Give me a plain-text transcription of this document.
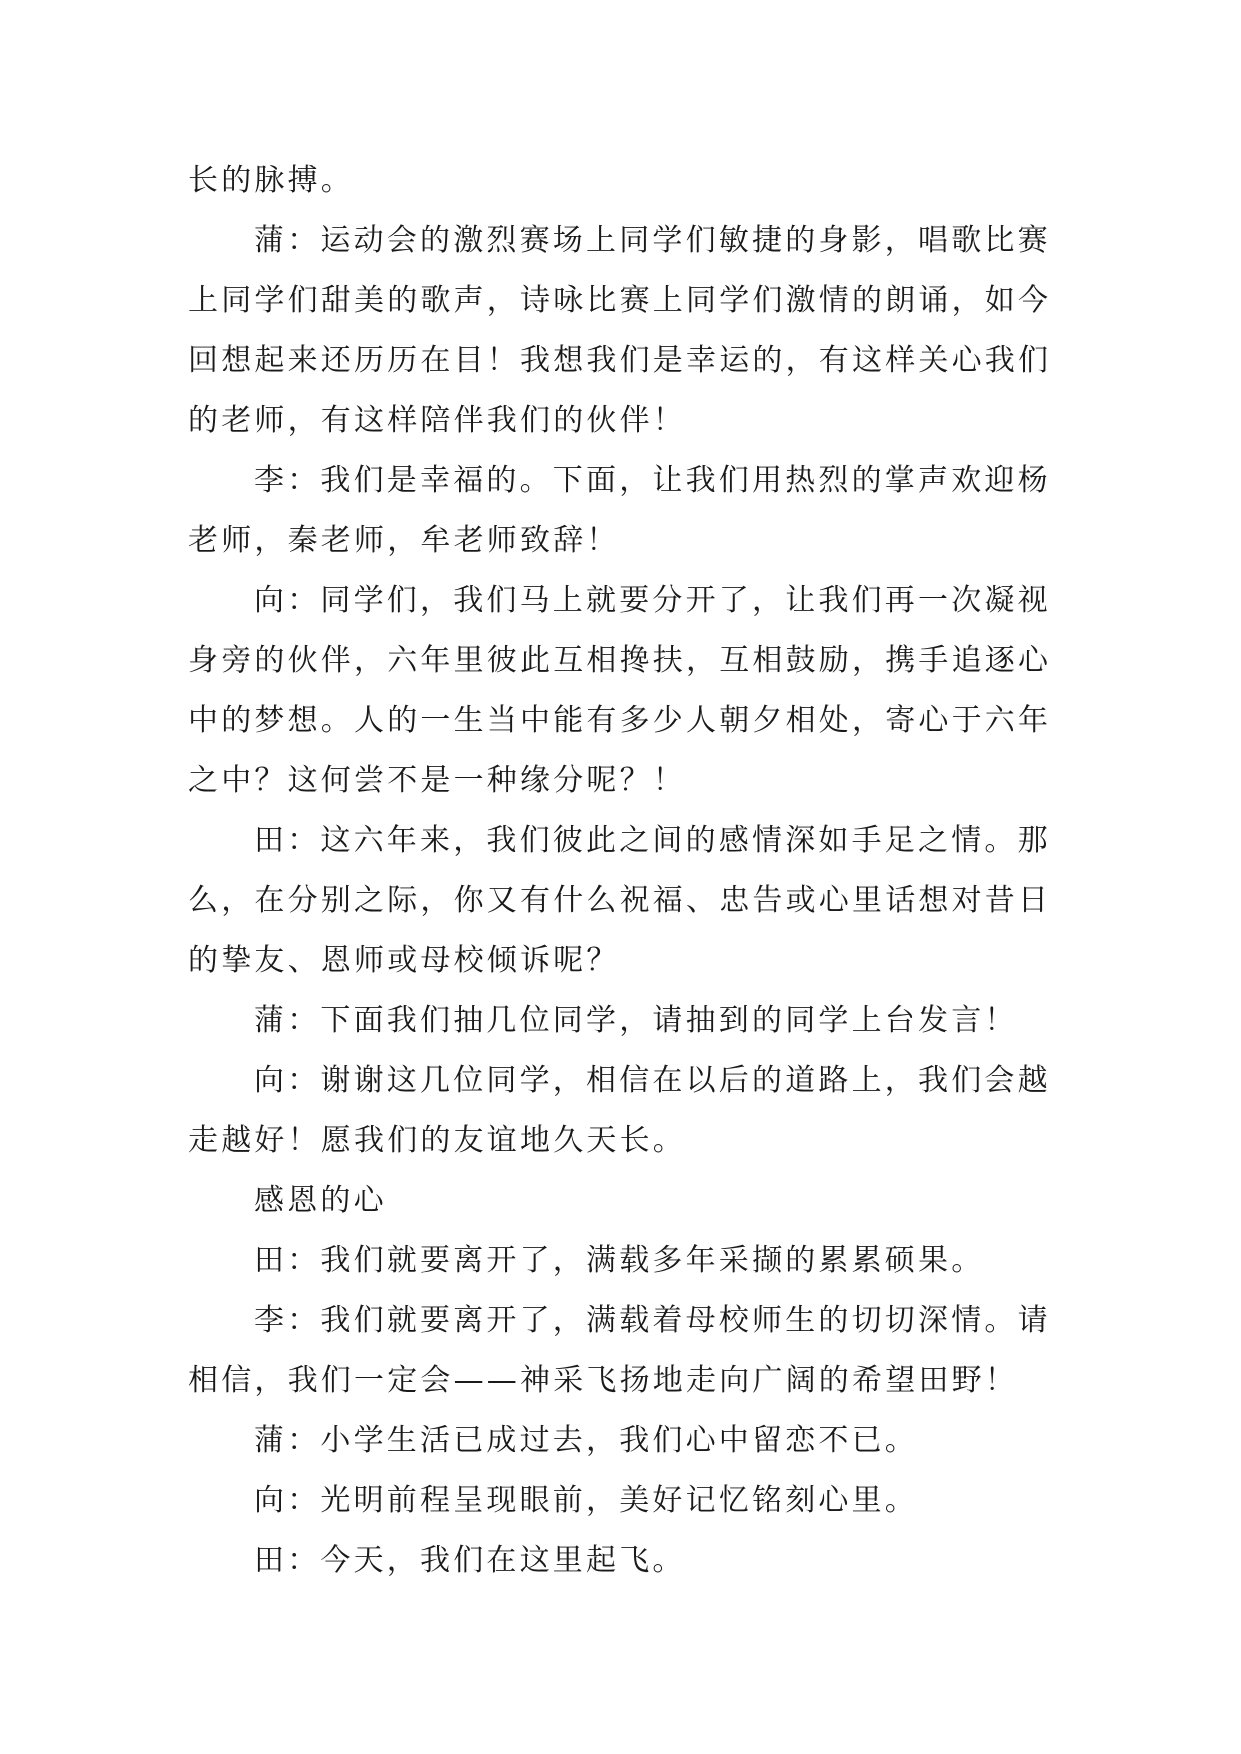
长的脉搏。
蒲：运动会的激烈赛场上同学们敏捷的身影，唱歌比赛
上同学们甜美的歌声，诗咏比赛上同学们激情的朗诵，如今
回想起来还历历在目！我想我们是幸运的，有这样关心我们
的老师，有这样陪伴我们的伙伴！
李：我们是幸福的。下面，让我们用热烈的掌声欢迎杨
老师，秦老师，牟老师致辞！
向：同学们，我们马上就要分开了，让我们再一次凝视
身旁的伙伴，六年里彼此互相搀扶，互相鼓励，携手追逐心
中的梦想。人的一生当中能有多少人朝夕相处，寄心于六年
之中？这何尝不是一种缘分呢？！
田：这六年来，我们彼此之间的感情深如手足之情。那
么，在分别之际，你又有什么祝福、忠告或心里话想对昔日
的挚友、恩师或母校倾诉呢？
蒲：下面我们抽几位同学，请抽到的同学上台发言！
向：谢谢这几位同学，相信在以后的道路上，我们会越
走越好！愿我们的友谊地久天长。
感恩的心
田：我们就要离开了，满载多年采撷的累累硕果。
李：我们就要离开了，满载着母校师生的切切深情。请
相信，我们一定会——神采飞扬地走向广阔的希望田野！
蒲：小学生活已成过去，我们心中留恋不已。
向：光明前程呈现眼前，美好记忆铭刻心里。
田：今天，我们在这里起飞。
